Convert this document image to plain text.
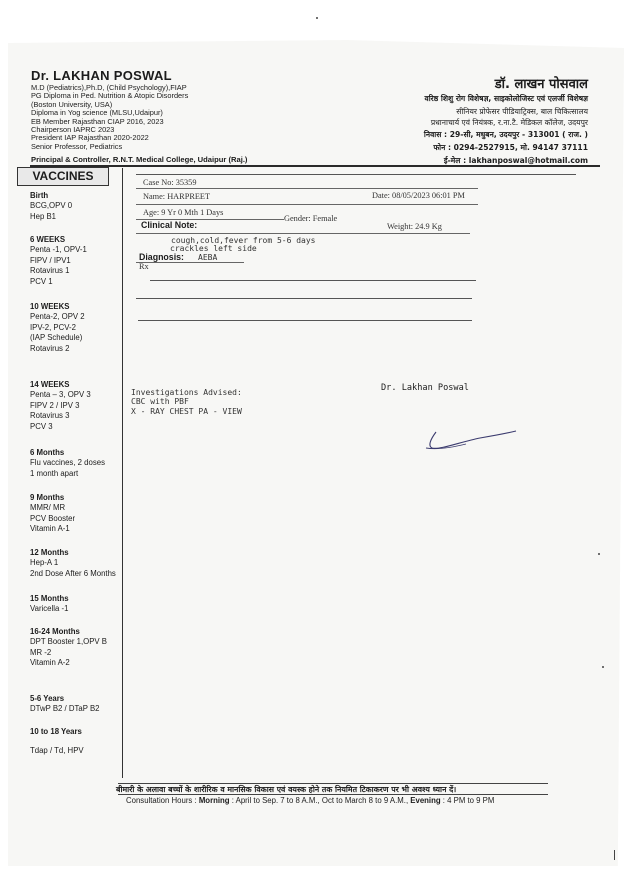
Dr. LAKHAN POSWAL
M.D (Pediatrics),Ph.D, (Child Psychology),FIAP
PG Diploma in Ped. Nutrition & Atopic Disorders
(Boston University, USA)
Diploma in Yog science (MLSU,Udaipur)
EB Member Rajasthan CIAP 2016, 2023
Chairperson IAPRC 2023
President IAP Rajasthan 2020-2022
Senior Professor, Pediatrics
Principal & Controller, R.N.T. Medical College, Udaipur (Raj.)
डॉ. लाखन पोसवाल
वरिष्ठ शिशु रोग विशेषज्ञ, साइकोलोजिस्ट एवं एलर्जी विशेषज्ञ
सीनियर प्रोफेसर पीडियाट्रिक्स, बाल चिकित्सालय
प्रधानाचार्य एवं नियंत्रक, र.ना.टै. मेडिकल कॉलेज, उदयपुर
निवास : 29-सी, मधुबन, उदयपुर - 313001 ( राज. )
फोन : 0294-2527915, मो. 94147 37111
ई-मेल : lakhanposwal@hotmail.com
VACCINES
Birth
BCG,OPV 0
Hep B1
6 WEEKS
Penta -1, OPV-1
FIPV / IPV1
Rotavirus 1
PCV 1
10 WEEKS
Penta-2, OPV 2
IPV-2, PCV-2
(IAP Schedule)
Rotavirus 2
14 WEEKS
Penta – 3, OPV 3
FIPV 2 / IPV 3
Rotavirus 3
PCV 3
6 Months
Flu vaccines, 2 doses
1 month apart
9 Months
MMR/ MR
PCV Booster
Vitamin A-1
12 Months
Hep-A 1
2nd Dose After 6 Months
15 Months
Varicella -1
16-24 Months
DPT Booster 1,OPV B
MR -2
Vitamin A-2
5-6 Years
DTwP B2 / DTaP B2
10 to 18 Years
Tdap / Td, HPV
Case No: 35359
Date: 08/05/2023 06:01 PM
Name: HARPREET
Age: 9 Yr 0 Mth 1 Days
Gender: Female
Weight: 24.9 Kg
Clinical Note:
cough,cold,fever from 5-6 days
crackles left side
Diagnosis: AEBA
Rx
Investigations Advised:
CBC with PBF
X - RAY CHEST PA - VIEW
Dr. Lakhan Poswal
बीमारी के अलावा बच्चों के शारीरिक व मानसिक विकास एवं वयस्क होने तक नियमित टिकाकरण पर भी अवश्य ध्यान दें।
Consultation Hours : Morning : April to Sep. 7 to 8 A.M., Oct to March 8 to 9 A.M., Evening : 4 PM to 9 PM
